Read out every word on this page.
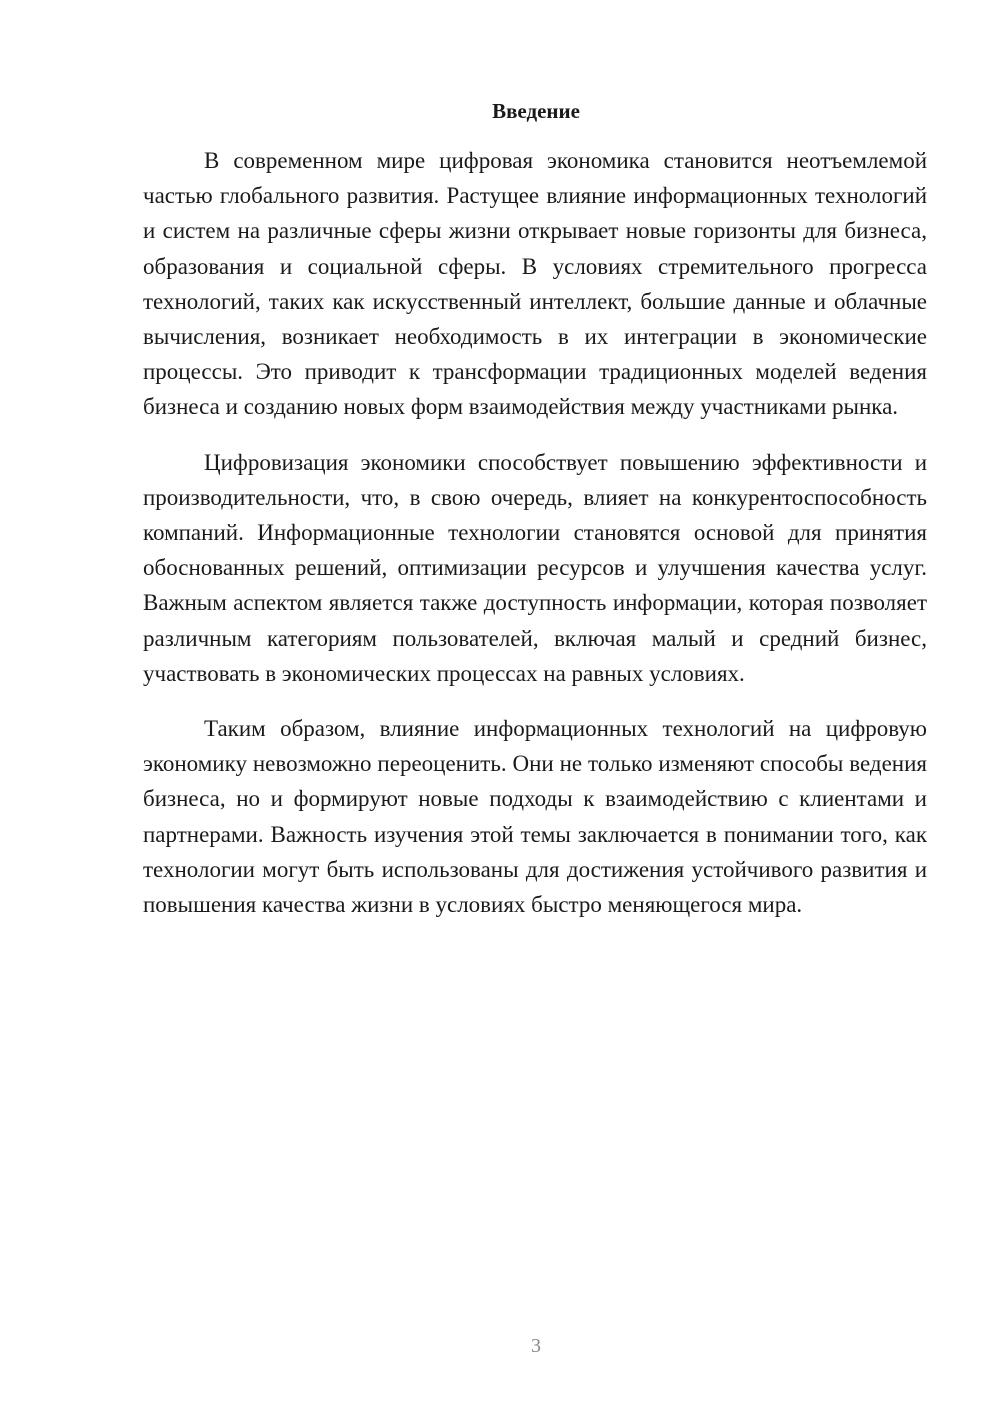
Введение

В современном мире цифровая экономика становится неотъемлемой частью глобального развития. Растущее влияние информационных технологий и систем на различные сферы жизни открывает новые горизонты для бизнеса, образования и социальной сферы. В условиях стремительного прогресса технологий, таких как искусственный интеллект, большие данные и облачные вычисления, возникает необходимость в их интеграции в экономические процессы. Это приводит к трансформации традиционных моделей ведения бизнеса и созданию новых форм взаимодействия между участниками рынка.

Цифровизация экономики способствует повышению эффективности и производительности, что, в свою очередь, влияет на конкурентоспособность компаний. Информационные технологии становятся основой для принятия обоснованных решений, оптимизации ресурсов и улучшения качества услуг. Важным аспектом является также доступность информации, которая позволяет различным категориям пользователей, включая малый и средний бизнес, участвовать в экономических процессах на равных условиях.

Таким образом, влияние информационных технологий на цифровую экономику невозможно переоценить. Они не только изменяют способы ведения бизнеса, но и формируют новые подходы к взаимодействию с клиентами и партнерами. Важность изучения этой темы заключается в понимании того, как технологии могут быть использованы для достижения устойчивого развития и повышения качества жизни в условиях быстро меняющегося мира.

3
